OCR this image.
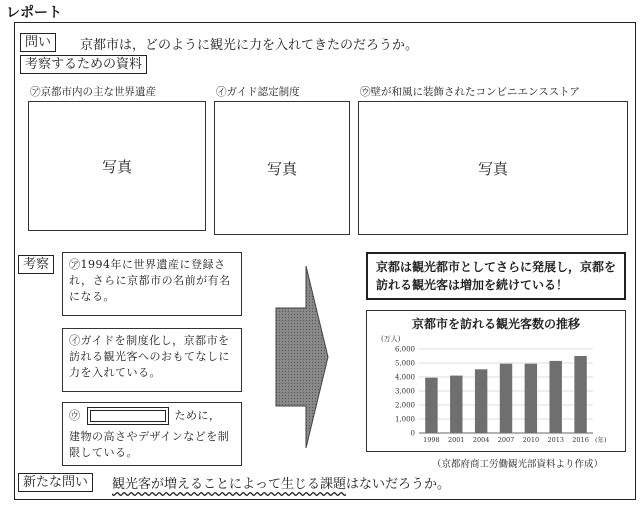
レポート
問い	京都市は，どのように観光に力を入れてきたのだろうか。
考察するための資料
㋐京都市内の主な世界遺産	㋑ガイド認定制度	㋒壁が和風に装飾されたコンビニエンスストア
写真	写真	写真
考察	㋐1994年に世界遺産に登録され，さらに京都市の名前が有名になる。
㋑ガイドを制度化し，京都市を訪れる観光客へのおもてなしに力を入れている。
㋒	ために，
建物の高さやデザインなどを制限している。
京都は観光都市としてさらに発展し，京都を訪れる観光客は増加を続けている！
京都市を訪れる観光客数の推移
(万人)
0
1,000
2,000
3,000
4,000
5,000
6,000
1998 2001 2004 2007 2010 2013 2016 (年)
（京都府商工労働観光部資料より作成）
新たな問い	観光客が増えることによって生じる課題はないだろうか。
